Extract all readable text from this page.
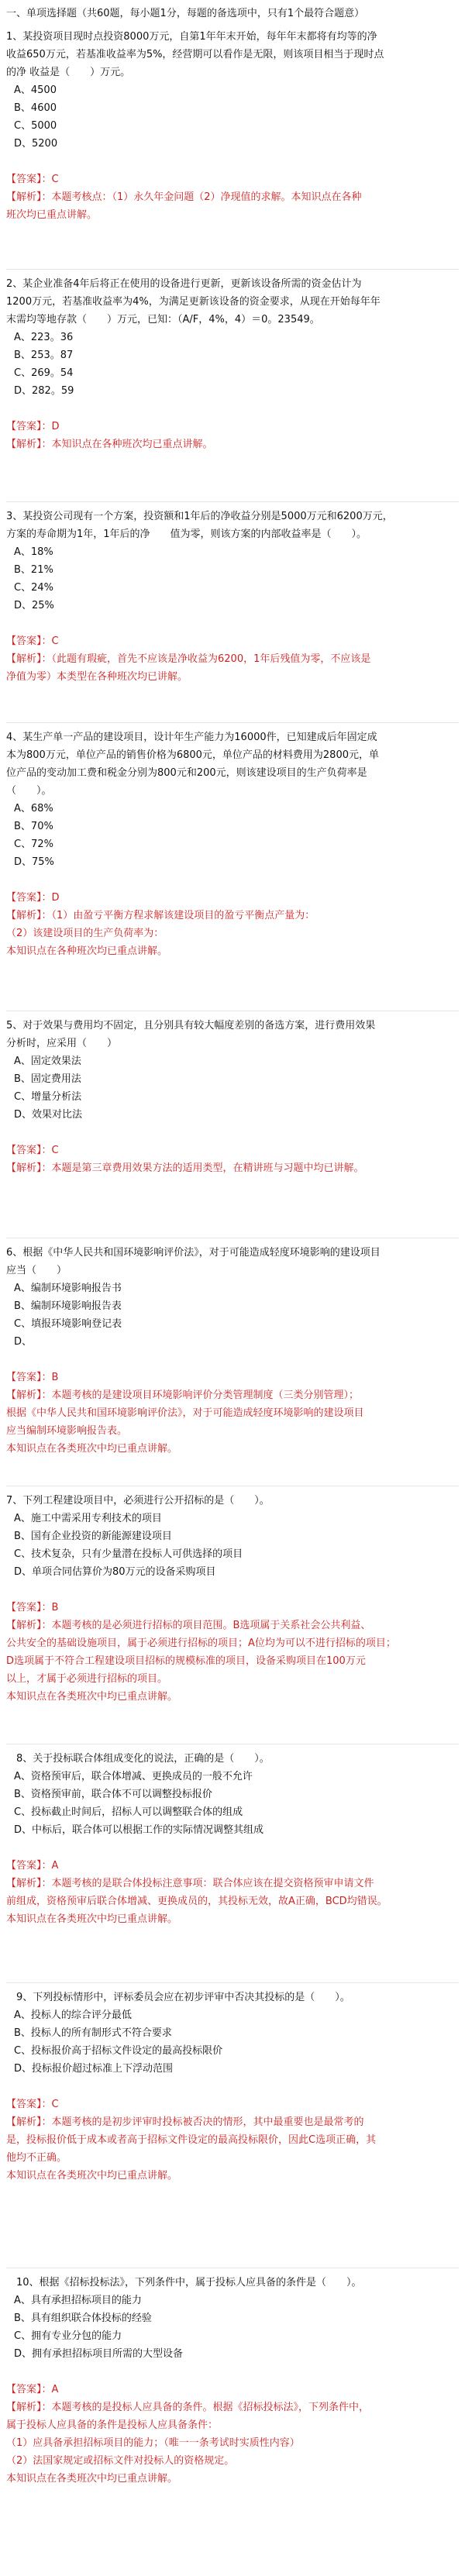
一、单项选择题（共60题，每小题1分，每题的备选项中，只有1个最符合题意）
1、某投资项目现时点投资8000万元，自第1年年末开始，每年年末都将有均等的净
收益650万元，若基准收益率为5%，经营期可以看作是无限，则该项目相当于现时点
的净 收益是（　　）万元。
A、4500
B、4600
C、5000
D、5200

【答案】：C
【解析】：本题考核点：（1）永久年金问题（2）净现值的求解。本知识点在各种
班次均已重点讲解。
2、某企业准备4年后将正在使用的设备进行更新，更新该设备所需的资金估计为
1200万元，若基准收益率为4%，为满足更新该设备的资金要求，从现在开始每年年
末需均等地存款（　　）万元，已知：（A/F，4%，4）＝0。23549。
A、223。36
B、253。87
C、269。54
D、282。59

【答案】：D
【解析】：本知识点在各种班次均已重点讲解。
3、某投资公司现有一个方案，投资额和1年后的净收益分别是5000万元和6200万元，
方案的寿命期为1年，1年后的净　　值为零，则该方案的内部收益率是（　　）。
A、18%
B、21%
C、24%
D、25%

【答案】：C
【解析】：（此题有瑕疵，首先不应该是净收益为6200，1年后残值为零，不应该是
净值为零）本类型在各种班次均已讲解。
4、某生产单一产品的建设项目，设计年生产能力为16000件，已知建成后年固定成
本为800万元，单位产品的销售价格为6800元，单位产品的材料费用为2800元，单
位产品的变动加工费和税金分别为800元和200元，则该建设项目的生产负荷率是
（　　）。
A、68%
B、70%
C、72%
D、75%

【答案】：D
【解析】：（1）由盈亏平衡方程求解该建设项目的盈亏平衡点产量为：
（2）该建设项目的生产负荷率为：
本知识点在各种班次均已重点讲解。
5、对于效果与费用均不固定，且分别具有较大幅度差别的备选方案，进行费用效果
分析时，应采用（　　）
A、固定效果法
B、固定费用法
C、增量分析法
D、效果对比法

【答案】：C
【解析】：本题是第三章费用效果方法的适用类型，在精讲班与习题中均已讲解。
6、根据《中华人民共和国环境影响评价法》，对于可能造成轻度环境影响的建设项目
应当（　　）
A、编制环境影响报告书
B、编制环境影响报告表
C、填报环境影响登记表
D、

【答案】：B
【解析】：本题考核的是建设项目环境影响评价分类管理制度（三类分别管理）；
根据《中华人民共和国环境影响评价法》，对于可能造成轻度环境影响的建设项目
应当编制环境影响报告表。
本知识点在各类班次中均已重点讲解。
7、下列工程建设项目中，必须进行公开招标的是（　　）。
A、施工中需采用专利技术的项目
B、国有企业投资的新能源建设项目
C、技术复杂，只有少量潜在投标人可供选择的项目
D、单项合同估算价为80万元的设备采购项目

【答案】：B
【解析】：本题考核的是必须进行招标的项目范围。B选项属于关系社会公共利益、
公共安全的基础设施项目，属于必须进行招标的项目；A位均为可以不进行招标的项目；
D选项属于不符合工程建设项目招标的规模标准的项目，设备采购项目在100万元
以上，才属于必须进行招标的项目。
本知识点在各类班次中均已重点讲解。
　8、关于投标联合体组成变化的说法，正确的是（　　）。
A、资格预审后，联合体增减、更换成员的一般不允许
B、资格预审前，联合体不可以调整投标报价
C、投标截止时间后，招标人可以调整联合体的组成
D、中标后，联合体可以根据工作的实际情况调整其组成

【答案】：A
【解析】：本题考核的是联合体投标注意事项：联合体应该在提交资格预审申请文件
前组成，资格预审后联合体增减、更换成员的，其投标无效，故A正确，BCD均错误。
本知识点在各类班次中均已重点讲解。
　9、下列投标情形中，评标委员会应在初步评审中否决其投标的是（　　）。
A、投标人的综合评分最低
B、投标人的所有制形式不符合要求
C、投标报价高于招标文件设定的最高投标限价
D、投标报价超过标准上下浮动范围

【答案】：C
【解析】：本题考核的是初步评审时投标被否决的情形，其中最重要也是最常考的
是，投标报价低于成本或者高于招标文件设定的最高投标限价，因此C选项正确，其
他均不正确。
本知识点在各类班次中均已重点讲解。
　10、根据《招标投标法》，下列条件中，属于投标人应具备的条件是（　　）。
A、具有承担招标项目的能力
B、具有组织联合体投标的经验
C、拥有专业分包的能力
D、拥有承担招标项目所需的大型设备

【答案】：A
【解析】：本题考核的是投标人应具备的条件。根据《招标投标法》，下列条件中，
属于投标人应具备的条件是投标人应具备条件：
（1）应具备承担招标项目的能力；（唯一一条考试时实质性内容）
（2）法国家规定或招标文件对投标人的资格规定。
本知识点在各类班次中均已重点讲解。
